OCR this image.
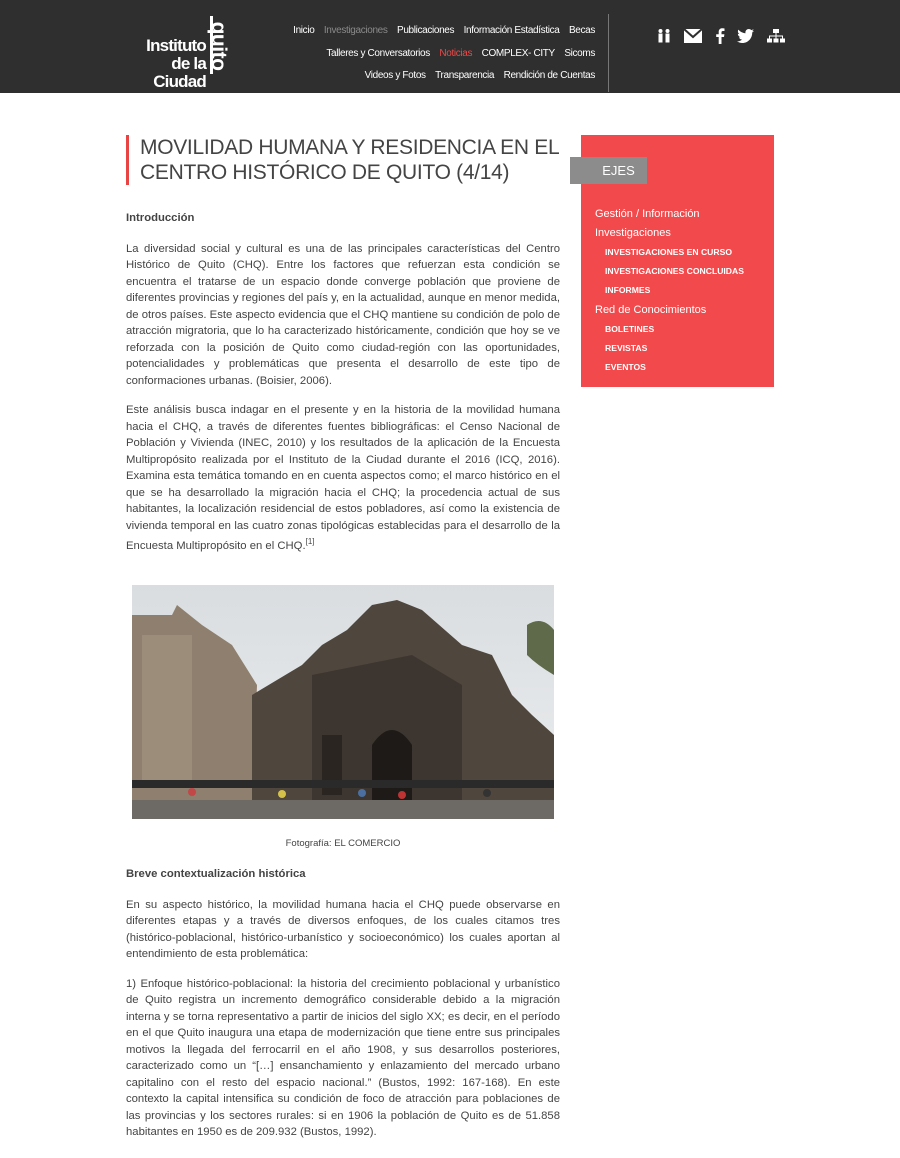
Instituto
de la Ciudad
quito	Inicio Investigaciones Publicaciones Información Estadística Becas
Talleres y Conversatorios Noticias COMPLEX- CITY Sicoms
Videos y Fotos Transparencia Rendición de Cuentas

MOVILIDAD HUMANA Y RESIDENCIA EN EL CENTRO HISTÓRICO DE QUITO (4/14)

Introducción

La diversidad social y cultural es una de las principales características del Centro Histórico de Quito (CHQ). Entre los factores que refuerzan esta condición se encuentra el tratarse de un espacio donde converge población que proviene de diferentes provincias y regiones del país y, en la actualidad, aunque en menor medida, de otros países. Este aspecto evidencia que el CHQ mantiene su condición de polo de atracción migratoria, que lo ha caracterizado históricamente, condición que hoy se ve reforzada con la posición de Quito como ciudad-región con las oportunidades, potencialidades y problemáticas que presenta el desarrollo de este tipo de conformaciones urbanas. (Boisier, 2006).

Este análisis busca indagar en el presente y en la historia de la movilidad humana hacia el CHQ, a través de diferentes fuentes bibliográficas: el Censo Nacional de Población y Vivienda (INEC, 2010) y los resultados de la aplicación de la Encuesta Multipropósito realizada por el Instituto de la Ciudad durante el 2016 (ICQ, 2016). Examina esta temática tomando en en cuenta aspectos como; el marco histórico en el que se ha desarrollado la migración hacia el CHQ; la procedencia actual de sus habitantes, la localización residencial de estos pobladores, así como la existencia de vivienda temporal en las cuatro zonas tipológicas establecidas para el desarrollo de la Encuesta Multipropósito en el CHQ.[1]

Fotografía: EL COMERCIO

Breve contextualización histórica

En su aspecto histórico, la movilidad humana hacia el CHQ puede observarse en diferentes etapas y a través de diversos enfoques, de los cuales citamos tres (histórico-poblacional, histórico-urbanístico y socioeconómico) los cuales aportan al entendimiento de esta problemática:

1) Enfoque histórico-poblacional: la historia del crecimiento poblacional y urbanístico de Quito registra un incremento demográfico considerable debido a la migración interna y se torna representativo a partir de inicios del siglo XX; es decir, en el período en el que Quito inaugura una etapa de modernización que tiene entre sus principales motivos la llegada del ferrocarril en el año 1908, y sus desarrollos posteriores, caracterizado como un “[…] ensanchamiento y enlazamiento del mercado urbano capitalino con el resto del espacio nacional.” (Bustos, 1992: 167-168). En este contexto la capital intensifica su condición de foco de atracción para poblaciones de las provincias y los sectores rurales: si en 1906 la población de Quito es de 51.858 habitantes en 1950 es de 209.932 (Bustos, 1992).

EJES
Gestión / Información
Investigaciones
INVESTIGACIONES EN CURSO
INVESTIGACIONES CONCLUIDAS
INFORMES
Red de Conocimientos
BOLETINES
REVISTAS
EVENTOS
